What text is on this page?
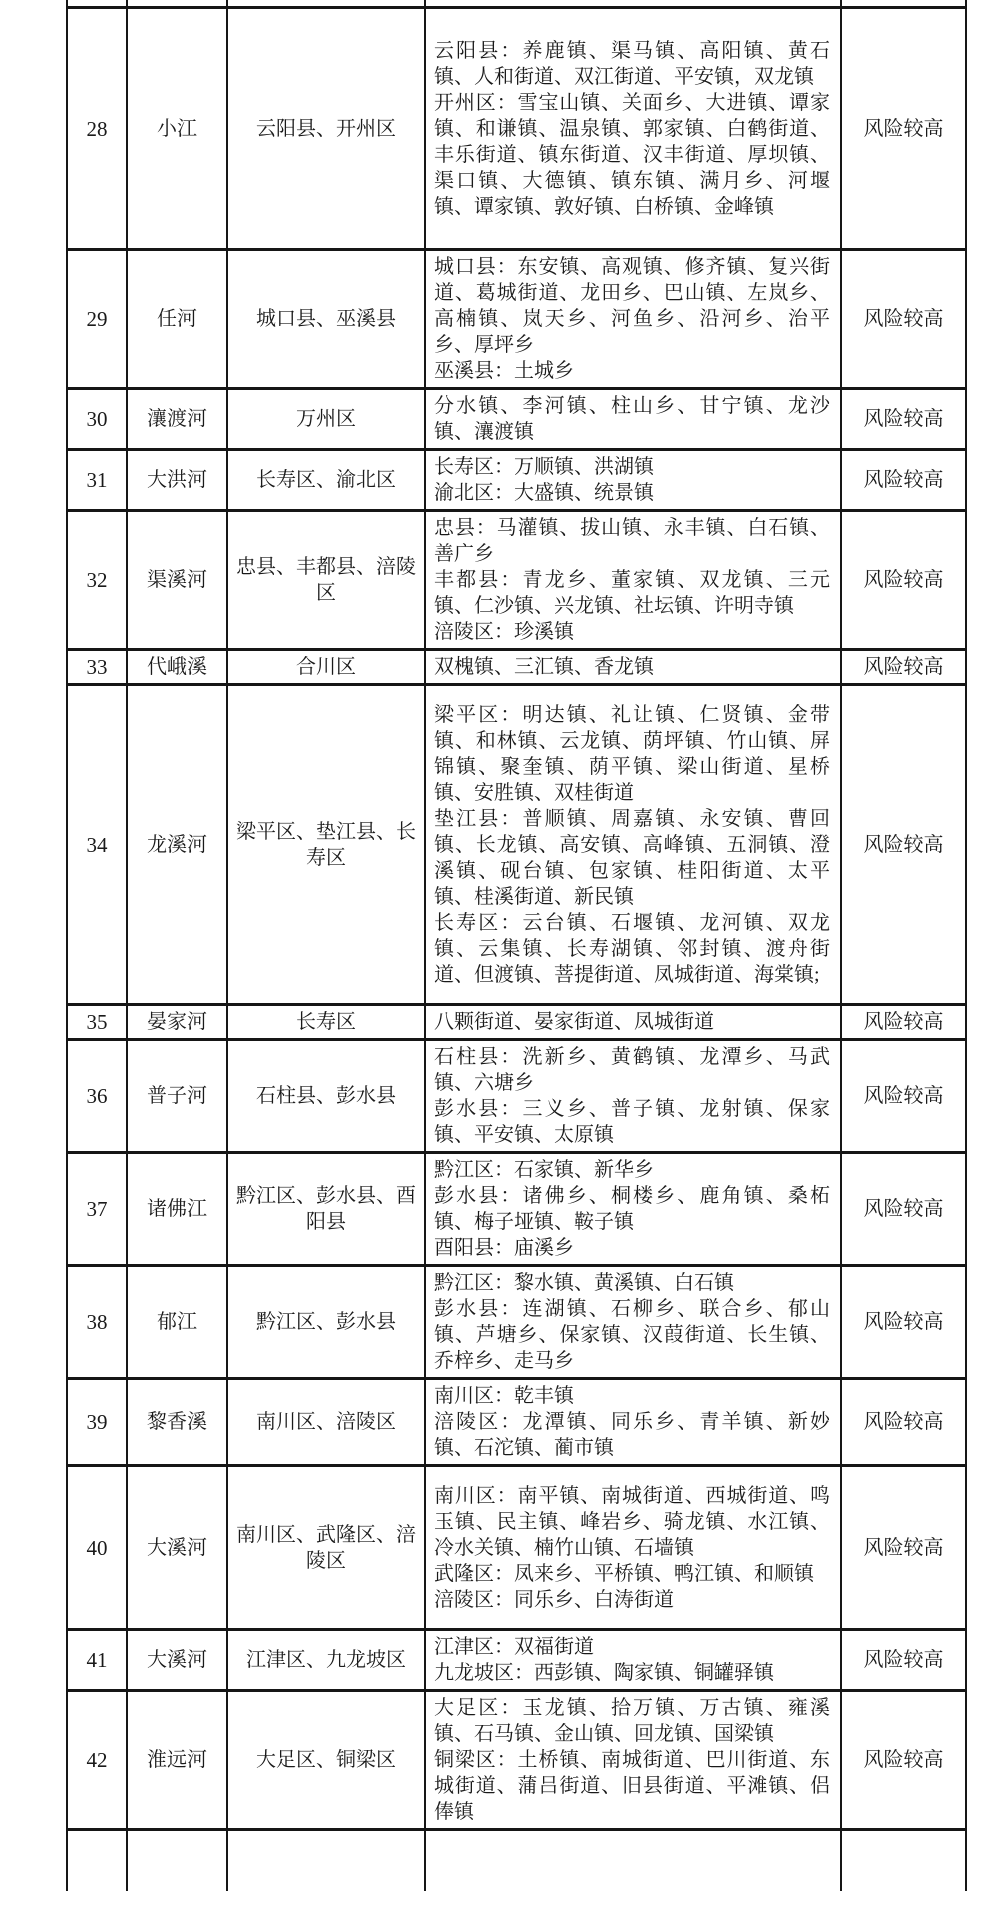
28	小江	云阳县、开州区	云阳县：养鹿镇、渠马镇、高阳镇、黄石镇、人和街道、双江街道、平安镇，双龙镇
开州区：雪宝山镇、关面乡、大进镇、谭家镇、和谦镇、温泉镇、郭家镇、白鹤街道、丰乐街道、镇东街道、汉丰街道、厚坝镇、渠口镇、大德镇、镇东镇、满月乡、河堰镇、谭家镇、敦好镇、白桥镇、金峰镇	风险较高
29	任河	城口县、巫溪县	城口县：东安镇、高观镇、修齐镇、复兴街道、葛城街道、龙田乡、巴山镇、左岚乡、高楠镇、岚天乡、河鱼乡、沿河乡、治平乡、厚坪乡
巫溪县：土城乡	风险较高
30	瀼渡河	万州区	分水镇、李河镇、柱山乡、甘宁镇、龙沙镇、瀼渡镇	风险较高
31	大洪河	长寿区、渝北区	长寿区：万顺镇、洪湖镇
渝北区：大盛镇、统景镇	风险较高
32	渠溪河	忠县、丰都县、涪陵区	忠县：马灌镇、拔山镇、永丰镇、白石镇、善广乡
丰都县：青龙乡、董家镇、双龙镇、三元镇、仁沙镇、兴龙镇、社坛镇、许明寺镇
涪陵区：珍溪镇	风险较高
33	代峨溪	合川区	双槐镇、三汇镇、香龙镇	风险较高
34	龙溪河	梁平区、垫江县、长寿区	梁平区：明达镇、礼让镇、仁贤镇、金带镇、和林镇、云龙镇、荫坪镇、竹山镇、屏锦镇、聚奎镇、荫平镇、梁山街道、星桥镇、安胜镇、双桂街道
垫江县：普顺镇、周嘉镇、永安镇、曹回镇、长龙镇、高安镇、高峰镇、五洞镇、澄溪镇、砚台镇、包家镇、桂阳街道、太平镇、桂溪街道、新民镇
长寿区：云台镇、石堰镇、龙河镇、双龙镇、云集镇、长寿湖镇、邻封镇、渡舟街道、但渡镇、菩提街道、凤城街道、海棠镇;	风险较高
35	晏家河	长寿区	八颗街道、晏家街道、凤城街道	风险较高
36	普子河	石柱县、彭水县	石柱县：洗新乡、黄鹤镇、龙潭乡、马武镇、六塘乡
彭水县：三义乡、普子镇、龙射镇、保家镇、平安镇、太原镇	风险较高
37	诸佛江	黔江区、彭水县、酉阳县	黔江区：石家镇、新华乡
彭水县：诸佛乡、桐楼乡、鹿角镇、桑柘镇、梅子垭镇、鞍子镇
酉阳县：庙溪乡	风险较高
38	郁江	黔江区、彭水县	黔江区：黎水镇、黄溪镇、白石镇
彭水县：连湖镇、石柳乡、联合乡、郁山镇、芦塘乡、保家镇、汉葭街道、长生镇、乔梓乡、走马乡	风险较高
39	黎香溪	南川区、涪陵区	南川区：乾丰镇
涪陵区：龙潭镇、同乐乡、青羊镇、新妙镇、石沱镇、蔺市镇	风险较高
40	大溪河	南川区、武隆区、涪陵区	南川区：南平镇、南城街道、西城街道、鸣玉镇、民主镇、峰岩乡、骑龙镇、水江镇、冷水关镇、楠竹山镇、石墙镇
武隆区：凤来乡、平桥镇、鸭江镇、和顺镇
涪陵区：同乐乡、白涛街道	风险较高
41	大溪河	江津区、九龙坡区	江津区：双福街道
九龙坡区：西彭镇、陶家镇、铜罐驿镇	风险较高
42	淮远河	大足区、铜梁区	大足区：玉龙镇、拾万镇、万古镇、雍溪镇、石马镇、金山镇、回龙镇、国梁镇
铜梁区：土桥镇、南城街道、巴川街道、东城街道、蒲吕街道、旧县街道、平滩镇、侣俸镇	风险较高
